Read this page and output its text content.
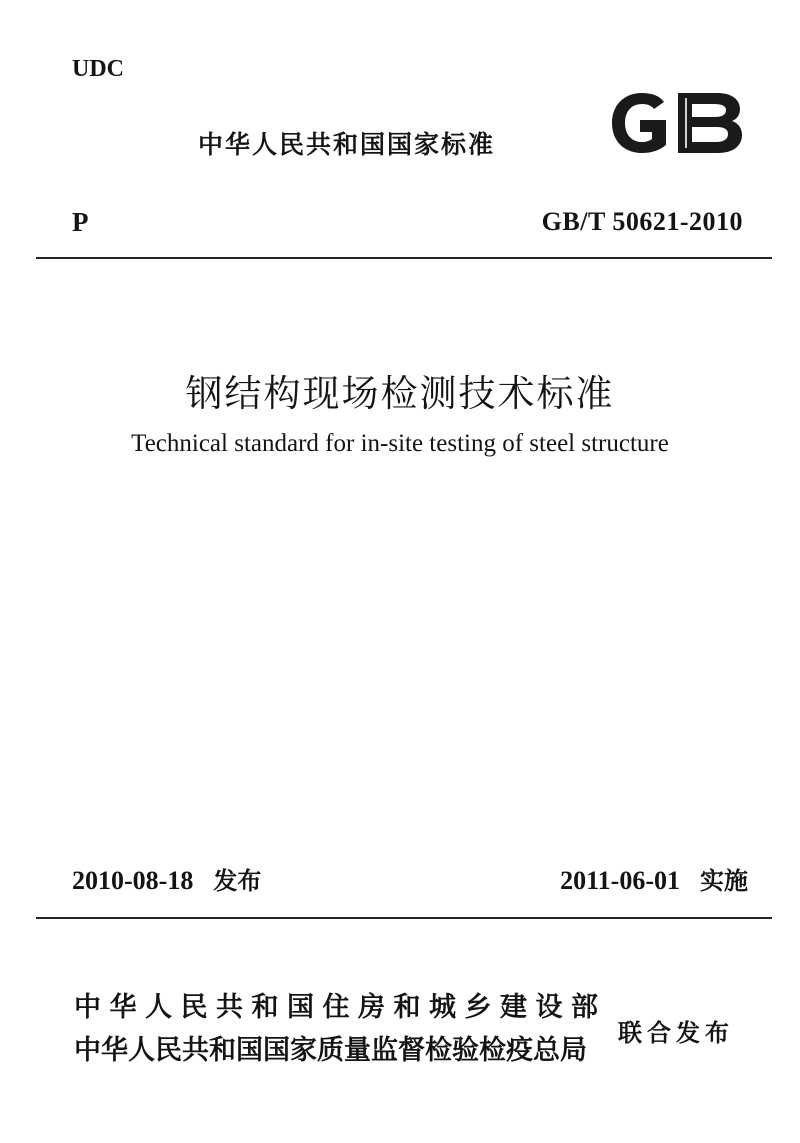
UDC
中华人民共和国国家标准
P	GB/T 50621-2010
钢结构现场检测技术标准
Technical standard for in-site testing of steel structure
2010-08-18 发布	2011-06-01 实施
中华人民共和国住房和城乡建设部
中华人民共和国国家质量监督检验检疫总局
联合发布
